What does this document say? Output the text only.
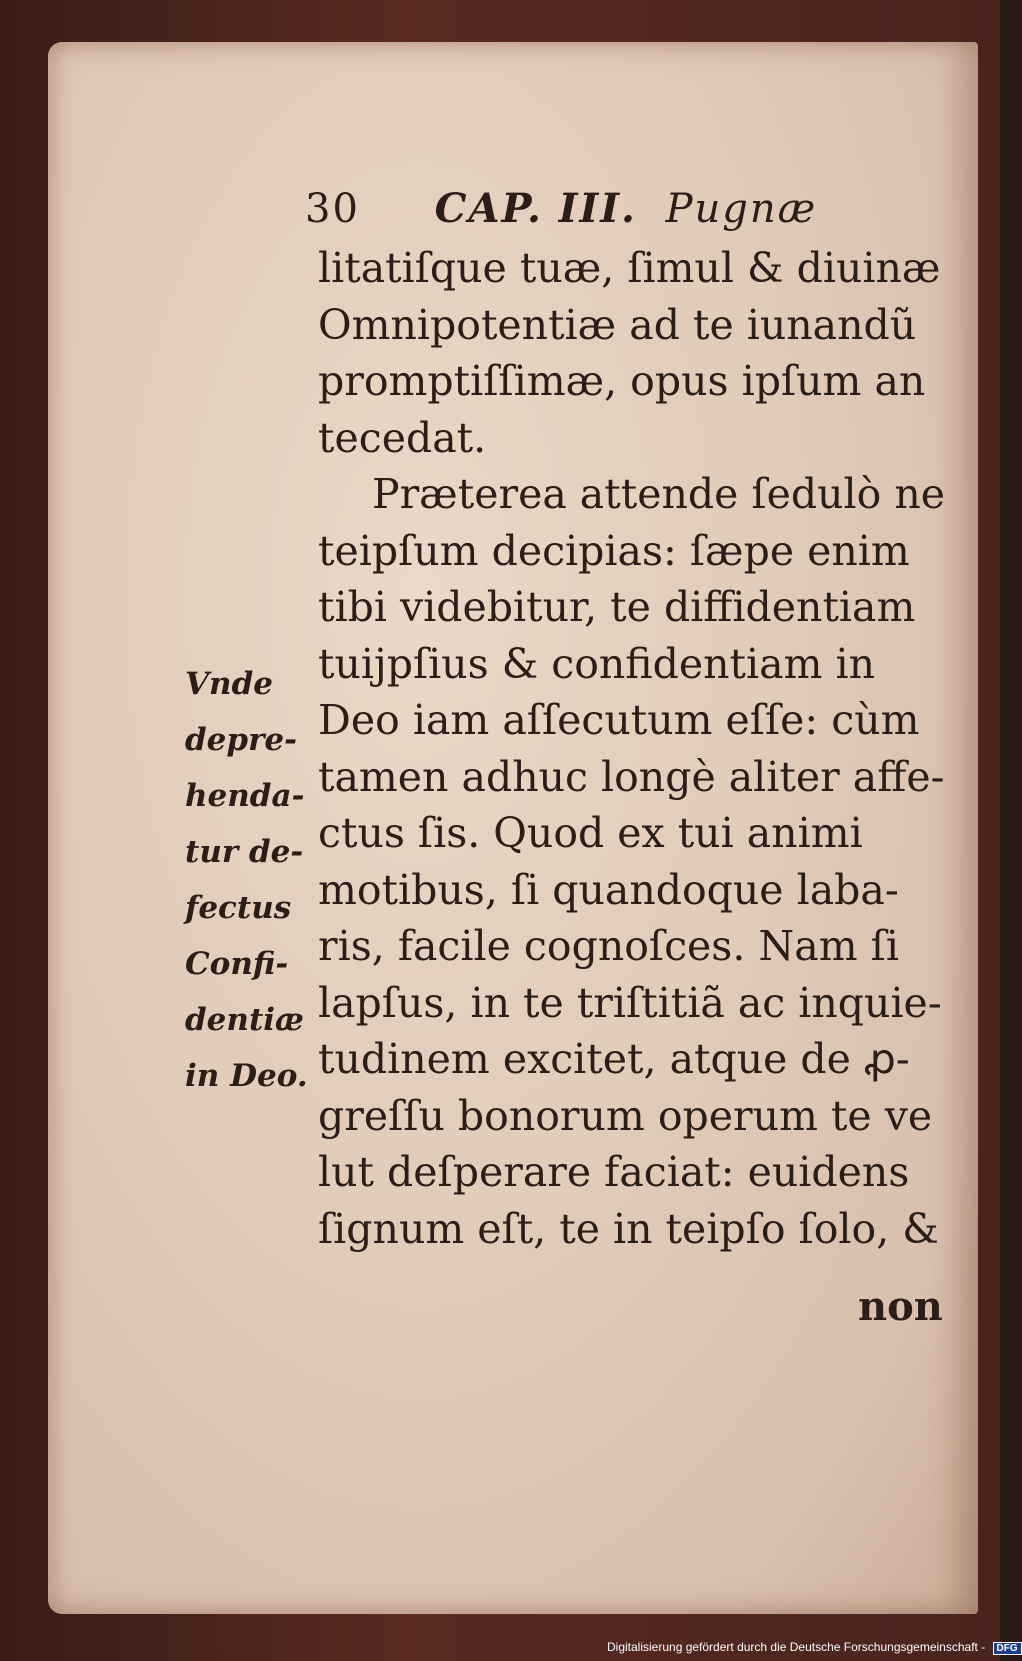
30 CAP. III. Pugnæ
litatiſque tuæ, ſimul & diuinæ
Omnipotentiæ ad te iunandũ
promptiſſimæ, opus ipſum an
tecedat.
Præterea attende ſedulò ne
teipſum decipias: ſæpe enim
tibi videbitur, te diffidentiam
tuijpſius & confidentiam in
Deo iam aſſecutum eſſe: cùm
tamen adhuc longè aliter affe-
ctus ſis. Quod ex tui animi
motibus, ſi quandoque laba-
ris, facile cognoſces. Nam ſi
lapſus, in te triſtitiã ac inquie-
tudinem excitet, atque de ꝓ-
greſſu bonorum operum te ve
lut deſperare faciat: euidens
ſignum eſt, te in teipſo ſolo, &
non
Vnde
depre-
henda-
tur de-
fectus
Confi-
dentiæ
in Deo.
Digitalisierung gefördert durch die Deutsche Forschungsgemeinschaft - DFG
